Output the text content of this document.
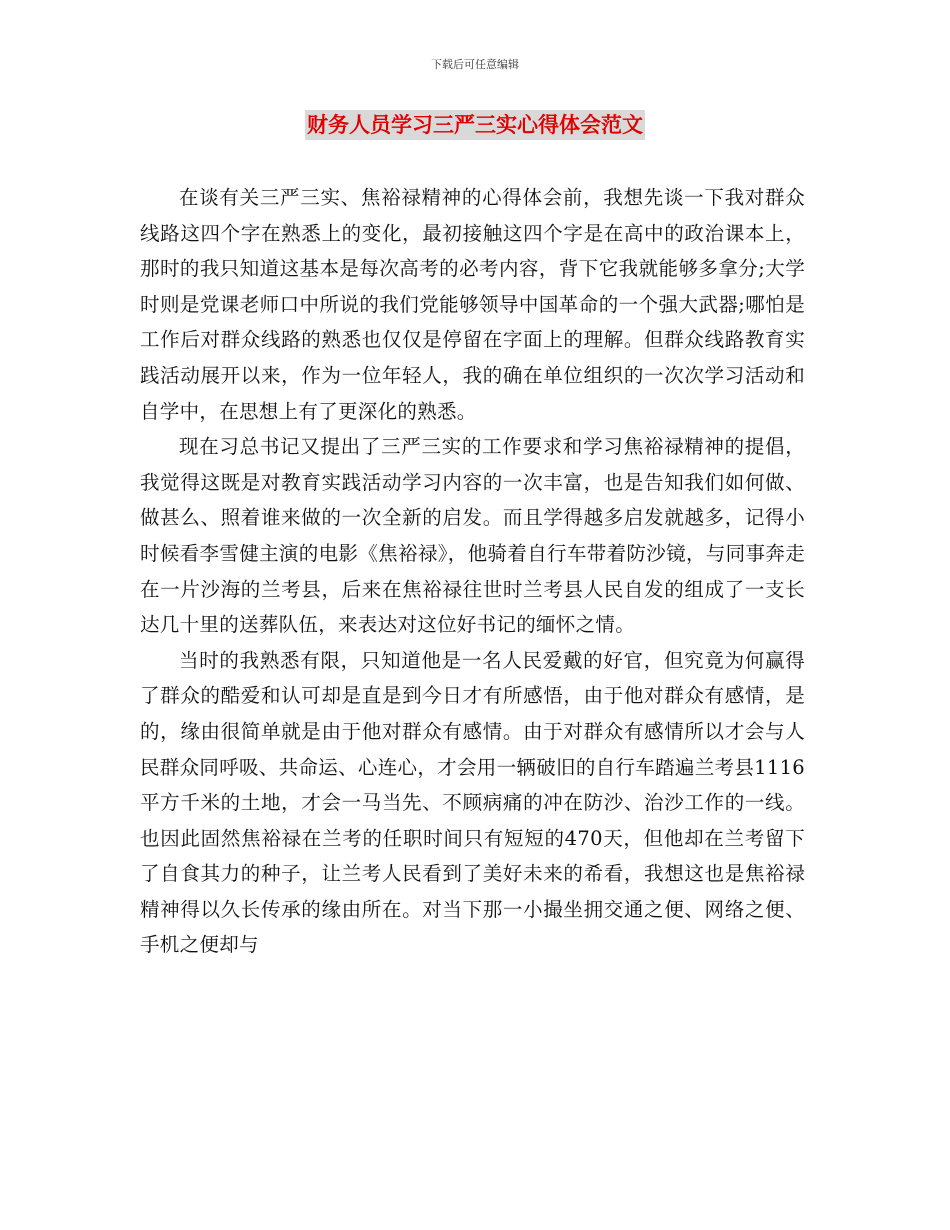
下载后可任意编辑
财务人员学习三严三实心得体会范文

在谈有关三严三实、焦裕禄精神的心得体会前，我想先谈一下我对群众线路这四个字在熟悉上的变化，最初接触这四个字是在高中的政治课本上，那时的我只知道这基本是每次高考的必考内容，背下它我就能够多拿分;大学时则是党课老师口中所说的我们党能够领导中国革命的一个强大武器;哪怕是工作后对群众线路的熟悉也仅仅是停留在字面上的理解。但群众线路教育实践活动展开以来，作为一位年轻人，我的确在单位组织的一次次学习活动和自学中，在思想上有了更深化的熟悉。

现在习总书记又提出了三严三实的工作要求和学习焦裕禄精神的提倡，我觉得这既是对教育实践活动学习内容的一次丰富，也是告知我们如何做、做甚么、照着谁来做的一次全新的启发。而且学得越多启发就越多，记得小时候看李雪健主演的电影《焦裕禄》，他骑着自行车带着防沙镜，与同事奔走在一片沙海的兰考县，后来在焦裕禄往世时兰考县人民自发的组成了一支长达几十里的送葬队伍，来表达对这位好书记的缅怀之情。

当时的我熟悉有限，只知道他是一名人民爱戴的好官，但究竟为何赢得了群众的酷爱和认可却是直是到今日才有所感悟，由于他对群众有感情，是的，缘由很简单就是由于他对群众有感情。由于对群众有感情所以才会与人民群众同呼吸、共命运、心连心，才会用一辆破旧的自行车踏遍兰考县1116平方千米的土地，才会一马当先、不顾病痛的冲在防沙、治沙工作的一线。也因此固然焦裕禄在兰考的任职时间只有短短的470天，但他却在兰考留下了自食其力的种子，让兰考人民看到了美好未来的希看，我想这也是焦裕禄精神得以久长传承的缘由所在。对当下那一小撮坐拥交通之便、网络之便、手机之便却与
